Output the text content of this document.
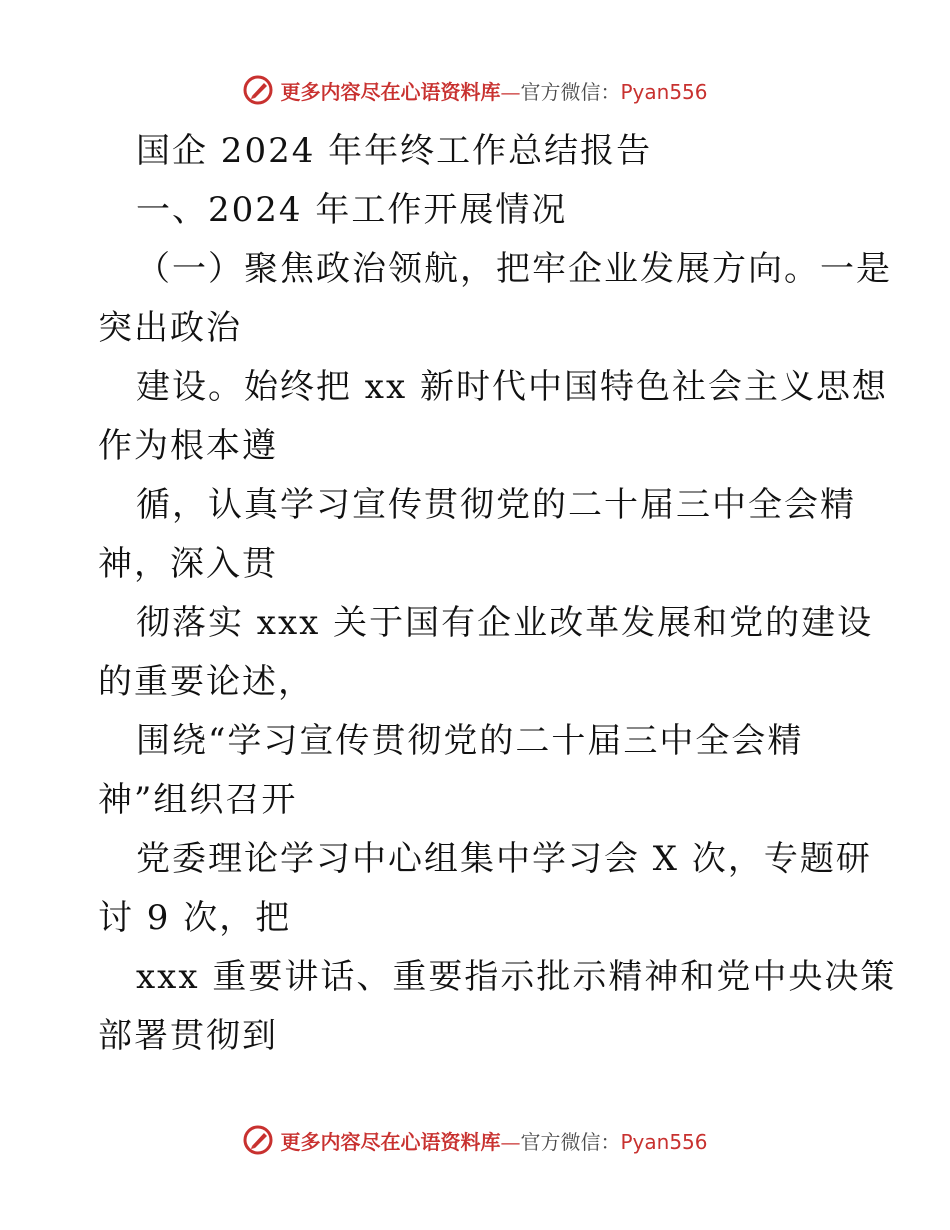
更多内容尽在心语资料库—官方微信：Pyan556
国企 2024 年年终工作总结报告
一、2024 年工作开展情况
（一）聚焦政治领航，把牢企业发展方向。一是
突出政治
建设。始终把 xx 新时代中国特色社会主义思想
作为根本遵
循，认真学习宣传贯彻党的二十届三中全会精
神，深入贯
彻落实 xxx 关于国有企业改革发展和党的建设
的重要论述，
围绕“学习宣传贯彻党的二十届三中全会精
神”组织召开
党委理论学习中心组集中学习会 X 次，专题研
讨 9 次，把
xxx 重要讲话、重要指示批示精神和党中央决策
部署贯彻到
更多内容尽在心语资料库—官方微信：Pyan556
